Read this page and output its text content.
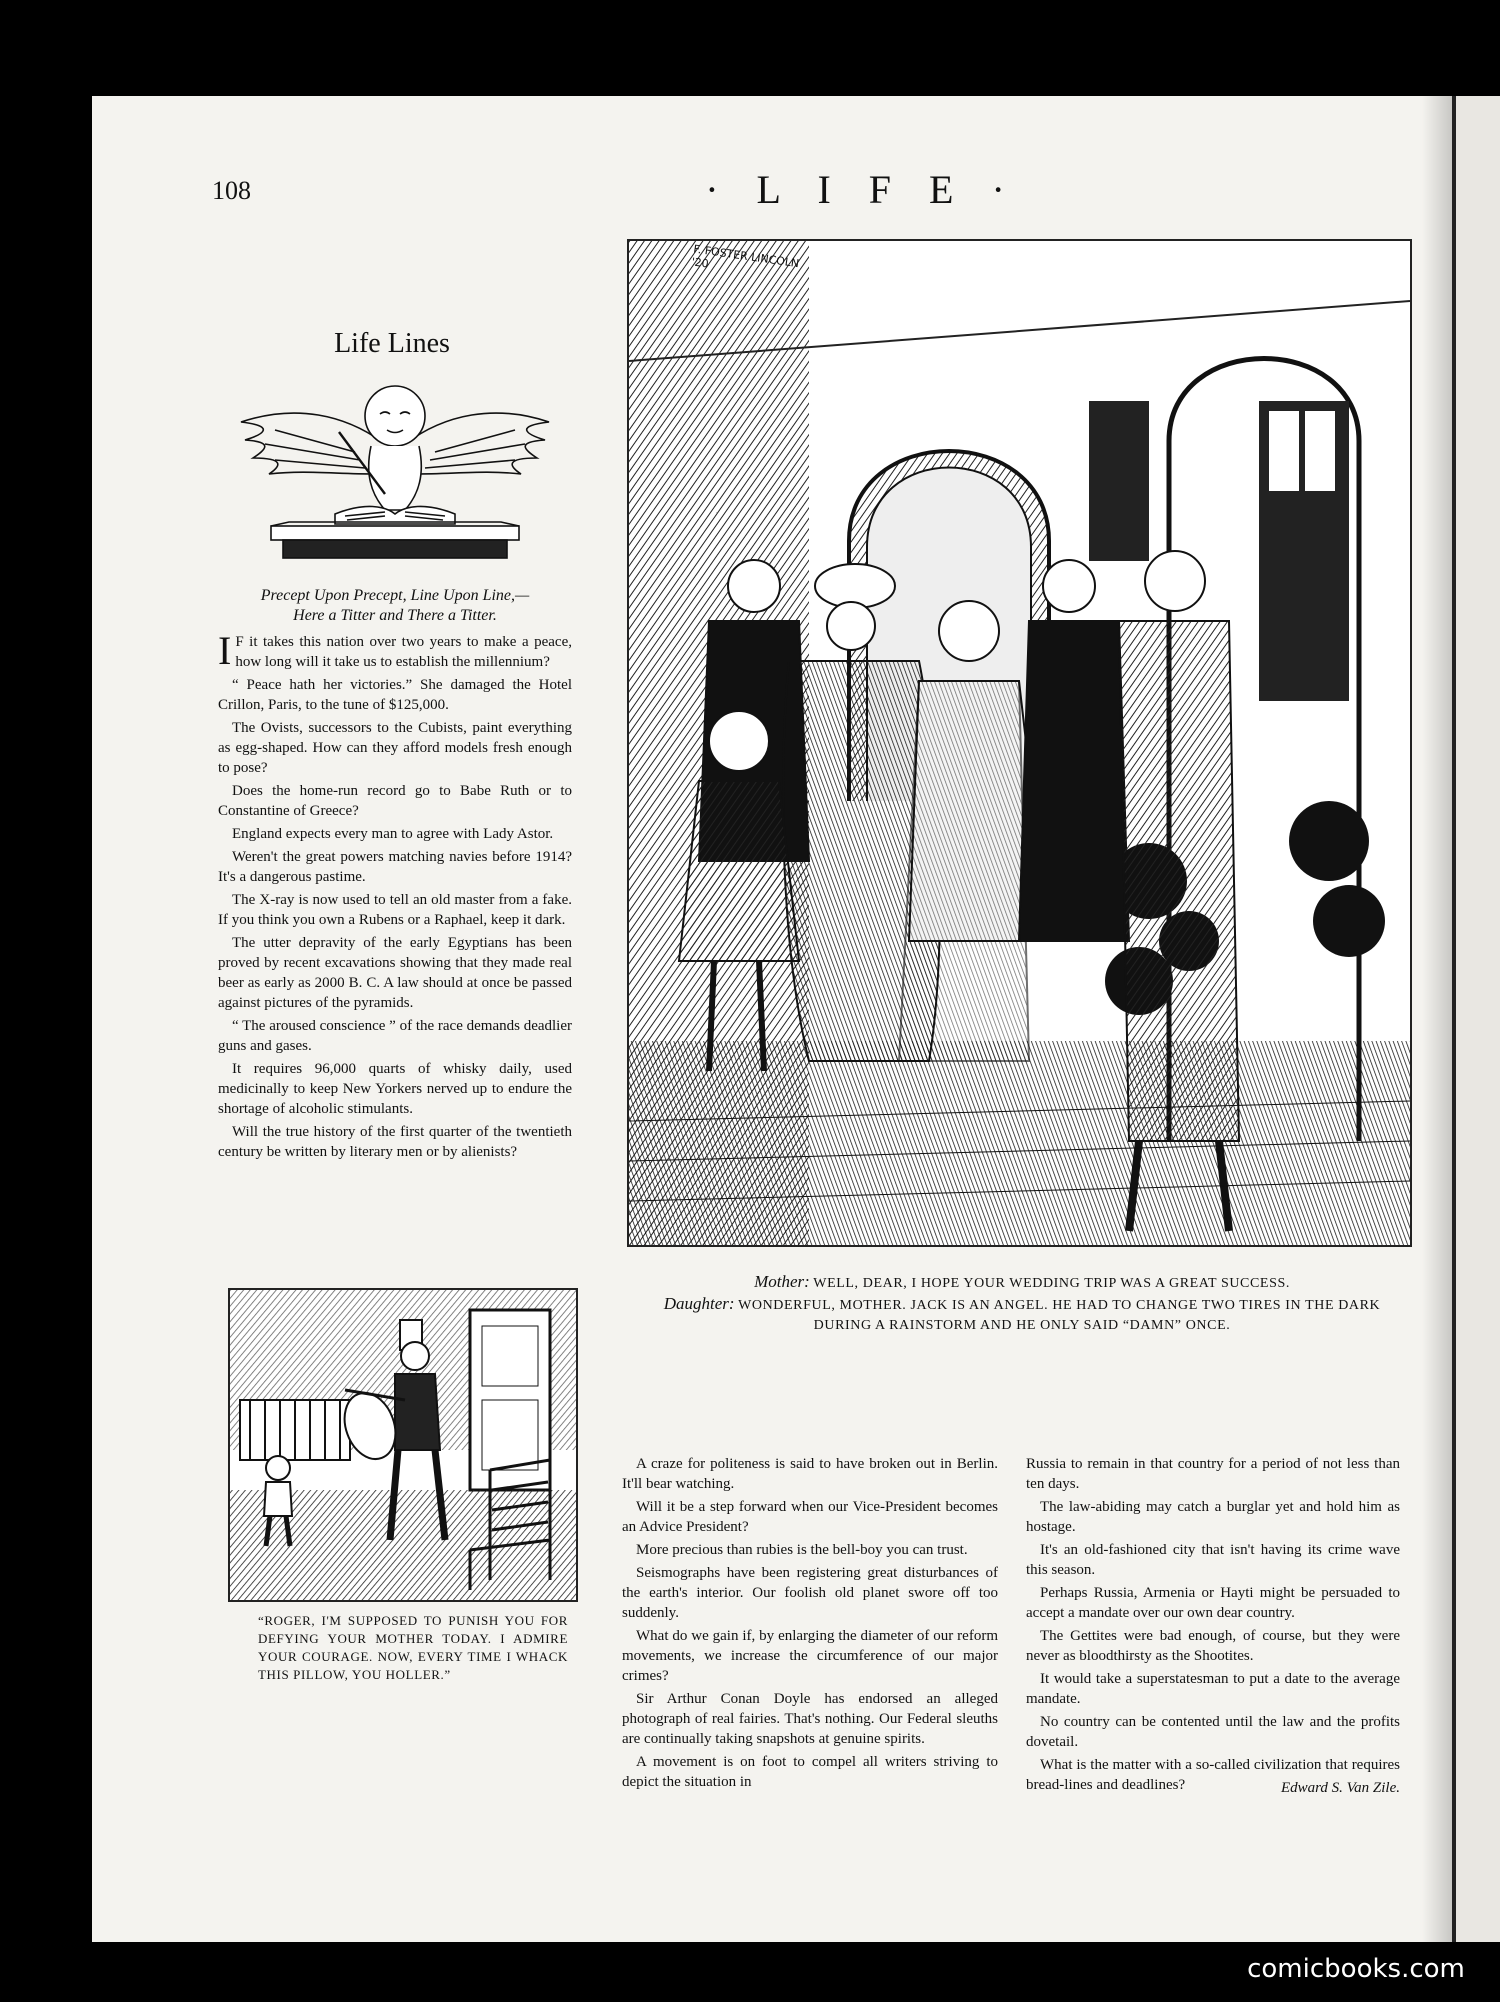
108	· L I F E ·
Life Lines
Precept Upon Precept, Line Upon Line,—
Here a Titter and There a Titter.

I F it takes this nation over two years to make a peace, how long will it take us to establish the millennium?

“ Peace hath her victories.” She damaged the Hotel Crillon, Paris, to the tune of $125,000.

The Ovists, successors to the Cubists, paint everything as egg-shaped. How can they afford models fresh enough to pose?

Does the home-run record go to Babe Ruth or to Constantine of Greece?

England expects every man to agree with Lady Astor.

Weren't the great powers matching navies before 1914? It's a dangerous pastime.

The X-ray is now used to tell an old master from a fake. If you think you own a Rubens or a Raphael, keep it dark.

The utter depravity of the early Egyptians has been proved by recent excavations showing that they made real beer as early as 2000 B. C. A law should at once be passed against pictures of the pyramids.

“ The aroused conscience ” of the race demands deadlier guns and gases.

It requires 96,000 quarts of whisky daily, used medicinally to keep New Yorkers nerved up to endure the shortage of alcoholic stimulants.

Will the true history of the first quarter of the twentieth century be written by literary men or by alienists?

F. FOSTER LINCOLN '20
Mother: WELL, DEAR, I HOPE YOUR WEDDING TRIP WAS A GREAT SUCCESS.
Daughter: WONDERFUL, MOTHER. JACK IS AN ANGEL. HE HAD TO CHANGE TWO TIRES IN THE DARK DURING A RAINSTORM AND HE ONLY SAID “DAMN” ONCE.
“ROGER, I'M SUPPOSED TO PUNISH YOU FOR DEFYING YOUR MOTHER TODAY. I ADMIRE YOUR COURAGE. NOW, EVERY TIME I WHACK THIS PILLOW, YOU HOLLER.”

A craze for politeness is said to have broken out in Berlin. It'll bear watching.

Will it be a step forward when our Vice-President becomes an Advice President?

More precious than rubies is the bell-boy you can trust.

Seismographs have been registering great disturbances of the earth's interior. Our foolish old planet swore off too suddenly.

What do we gain if, by enlarging the diameter of our reform movements, we increase the circumference of our major crimes?

Sir Arthur Conan Doyle has endorsed an alleged photograph of real fairies. That's nothing. Our Federal sleuths are continually taking snapshots at genuine spirits.

A movement is on foot to compel all writers striving to depict the situation in

Russia to remain in that country for a period of not less than ten days.

The law-abiding may catch a burglar yet and hold him as hostage.

It's an old-fashioned city that isn't having its crime wave this season.

Perhaps Russia, Armenia or Hayti might be persuaded to accept a mandate over our own dear country.

The Gettites were bad enough, of course, but they were never as bloodthirsty as the Shootites.

It would take a superstatesman to put a date to the average mandate.

No country can be contented until the law and the profits dovetail.

What is the matter with a so-called civilization that requires bread-lines and deadlines?	Edward S. Van Zile.
comicbooks.com
